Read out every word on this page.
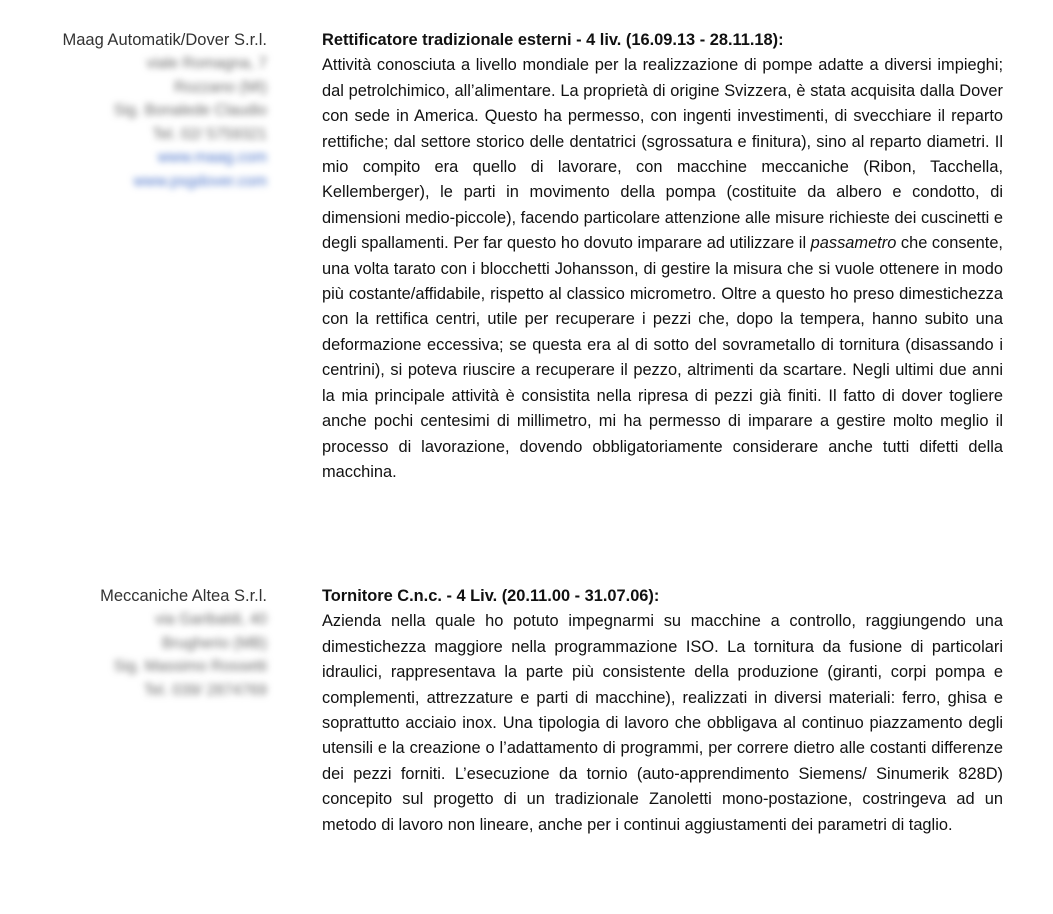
Maag Automatik/Dover S.r.l.
viale Romagna, 7
Rozzano (MI)
Sig. Bonalede Claudio
Tel. 02/ 5759321
www.maag.com
www.psgdover.com
Rettificatore tradizionale esterni - 4 liv. (16.09.13 - 28.11.18):

Attività conosciuta a livello mondiale per la realizzazione di pompe adatte a diversi impieghi; dal petrolchimico, all’alimentare. La proprietà di origine Svizzera, è stata acquisita dalla Dover con sede in America. Questo ha permesso, con ingenti investimenti, di svecchiare il reparto rettifiche; dal settore storico delle dentatrici (sgrossatura e finitura), sino al reparto diametri. Il mio compito era quello di lavorare, con macchine meccaniche (Ribon, Tacchella, Kellemberger), le parti in movimento della pompa (costituite da albero e condotto, di dimensioni medio-piccole), facendo particolare attenzione alle misure richieste dei cuscinetti e degli spallamenti. Per far questo ho dovuto imparare ad utilizzare il passametro che consente, una volta tarato con i blocchetti Johansson, di gestire la misura che si vuole ottenere in modo più costante/affidabile, rispetto al classico micrometro. Oltre a questo ho preso dimestichezza con la rettifica centri, utile per recuperare i pezzi che, dopo la tempera, hanno subito una deformazione eccessiva; se questa era al di sotto del sovrametallo di tornitura (disassando i centrini), si poteva riuscire a recuperare il pezzo, altrimenti da scartare. Negli ultimi due anni la mia principale attività è consistita nella ripresa di pezzi già finiti. Il fatto di dover togliere anche pochi centesimi di millimetro, mi ha permesso di imparare a gestire molto meglio il processo di lavorazione, dovendo obbligatoriamente considerare anche tutti difetti della macchina.

Meccaniche Altea S.r.l.
via Garibaldi, 40
Brugherio (MB)
Sig. Massimo Rossetti
Tel. 039/ 2874769
Tornitore C.n.c. - 4 Liv. (20.11.00 - 31.07.06):

Azienda nella quale ho potuto impegnarmi su macchine a controllo, raggiungendo una dimestichezza maggiore nella programmazione ISO. La tornitura da fusione di particolari idraulici, rappresentava la parte più consistente della produzione (giranti, corpi pompa e complementi, attrezzature e parti di macchine), realizzati in diversi materiali: ferro, ghisa e soprattutto acciaio inox. Una tipologia di lavoro che obbligava al continuo piazzamento degli utensili e la creazione o l’adattamento di programmi, per correre dietro alle costanti differenze dei pezzi forniti. L’esecuzione da tornio (auto-apprendimento Siemens/ Sinumerik 828D) concepito sul progetto di un tradizionale Zanoletti mono-postazione, costringeva ad un metodo di lavoro non lineare, anche per i continui aggiustamenti dei parametri di taglio.
